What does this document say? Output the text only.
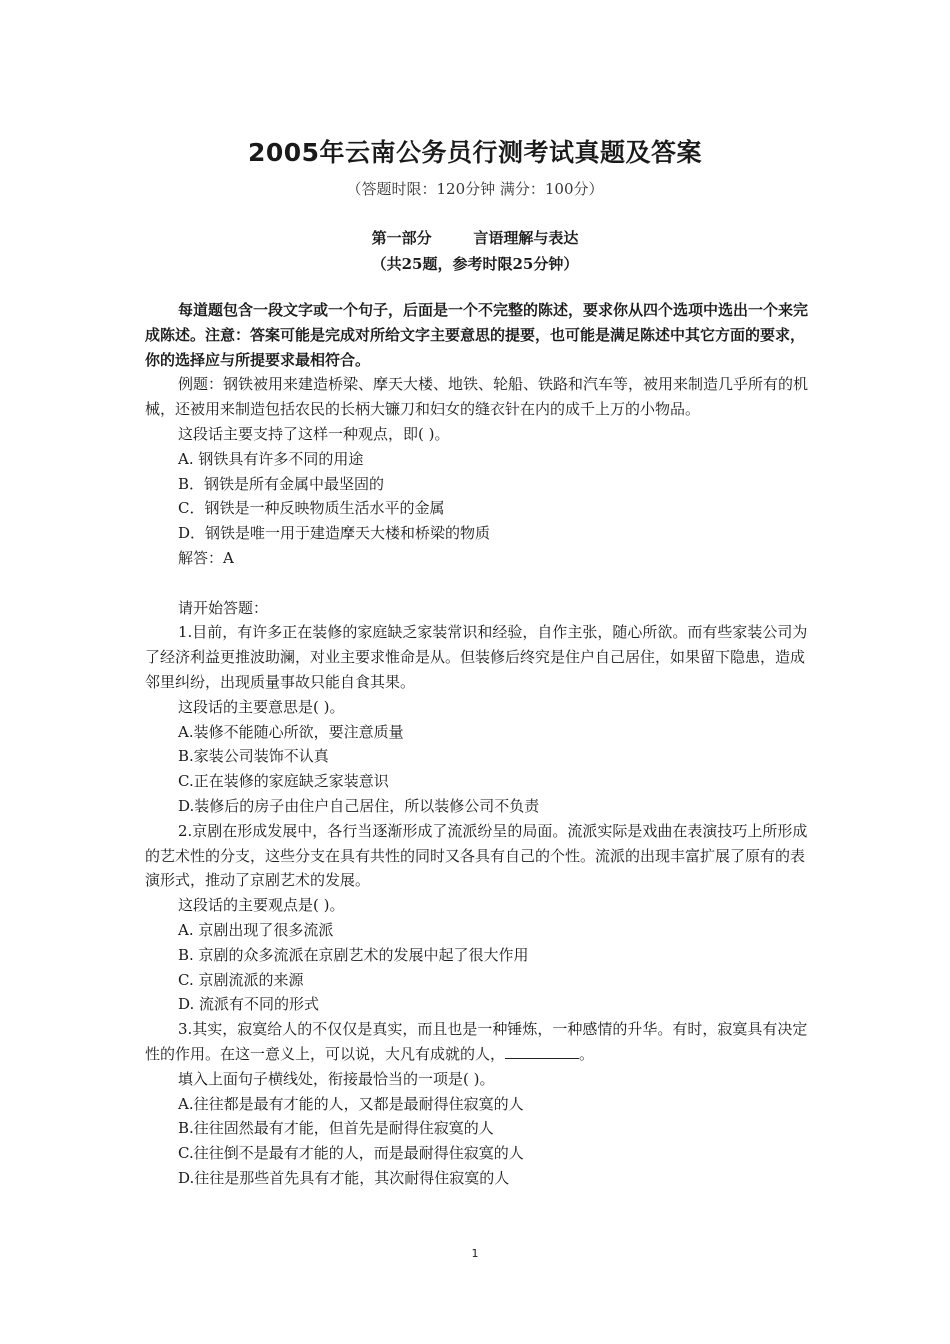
2005年云南公务员行测考试真题及答案
（答题时限：120分钟 满分：100分）
第一部分        言语理解与表达
（共25题，参考时限25分钟）

每道题包含一段文字或一个句子，后面是一个不完整的陈述，要求你从四个选项中选出一个来完成陈述。注意：答案可能是完成对所给文字主要意思的提要，也可能是满足陈述中其它方面的要求，你的选择应与所提要求最相符合。

例题：钢铁被用来建造桥梁、摩天大楼、地铁、轮船、铁路和汽车等，被用来制造几乎所有的机械，还被用来制造包括农民的长柄大镰刀和妇女的缝衣针在内的成千上万的小物品。

这段话主要支持了这样一种观点，即( )。

A. 钢铁具有许多不同的用途

B．钢铁是所有金属中最坚固的

C．钢铁是一种反映物质生活水平的金属

D．钢铁是唯一用于建造摩天大楼和桥梁的物质

解答：A

请开始答题：

1.目前，有许多正在装修的家庭缺乏家装常识和经验，自作主张，随心所欲。而有些家装公司为了经济利益更推波助澜，对业主要求惟命是从。但装修后终究是住户自己居住，如果留下隐患，造成邻里纠纷，出现质量事故只能自食其果。

这段话的主要意思是( )。

A.装修不能随心所欲，要注意质量

B.家装公司装饰不认真

C.正在装修的家庭缺乏家装意识

D.装修后的房子由住户自己居住，所以装修公司不负责

2.京剧在形成发展中，各行当逐渐形成了流派纷呈的局面。流派实际是戏曲在表演技巧上所形成的艺术性的分支，这些分支在具有共性的同时又各具有自己的个性。流派的出现丰富扩展了原有的表演形式，推动了京剧艺术的发展。

这段话的主要观点是( )。

A. 京剧出现了很多流派

B. 京剧的众多流派在京剧艺术的发展中起了很大作用

C. 京剧流派的来源

D. 流派有不同的形式

3.其实，寂寞给人的不仅仅是真实，而且也是一种锤炼，一种感情的升华。有时，寂寞具有决定性的作用。在这一意义上，可以说，大凡有成就的人，	。

填入上面句子横线处，衔接最恰当的一项是( )。

A.往往都是最有才能的人，又都是最耐得住寂寞的人

B.往往固然最有才能，但首先是耐得住寂寞的人

C.往往倒不是最有才能的人，而是最耐得住寂寞的人

D.往往是那些首先具有才能，其次耐得住寂寞的人

1
